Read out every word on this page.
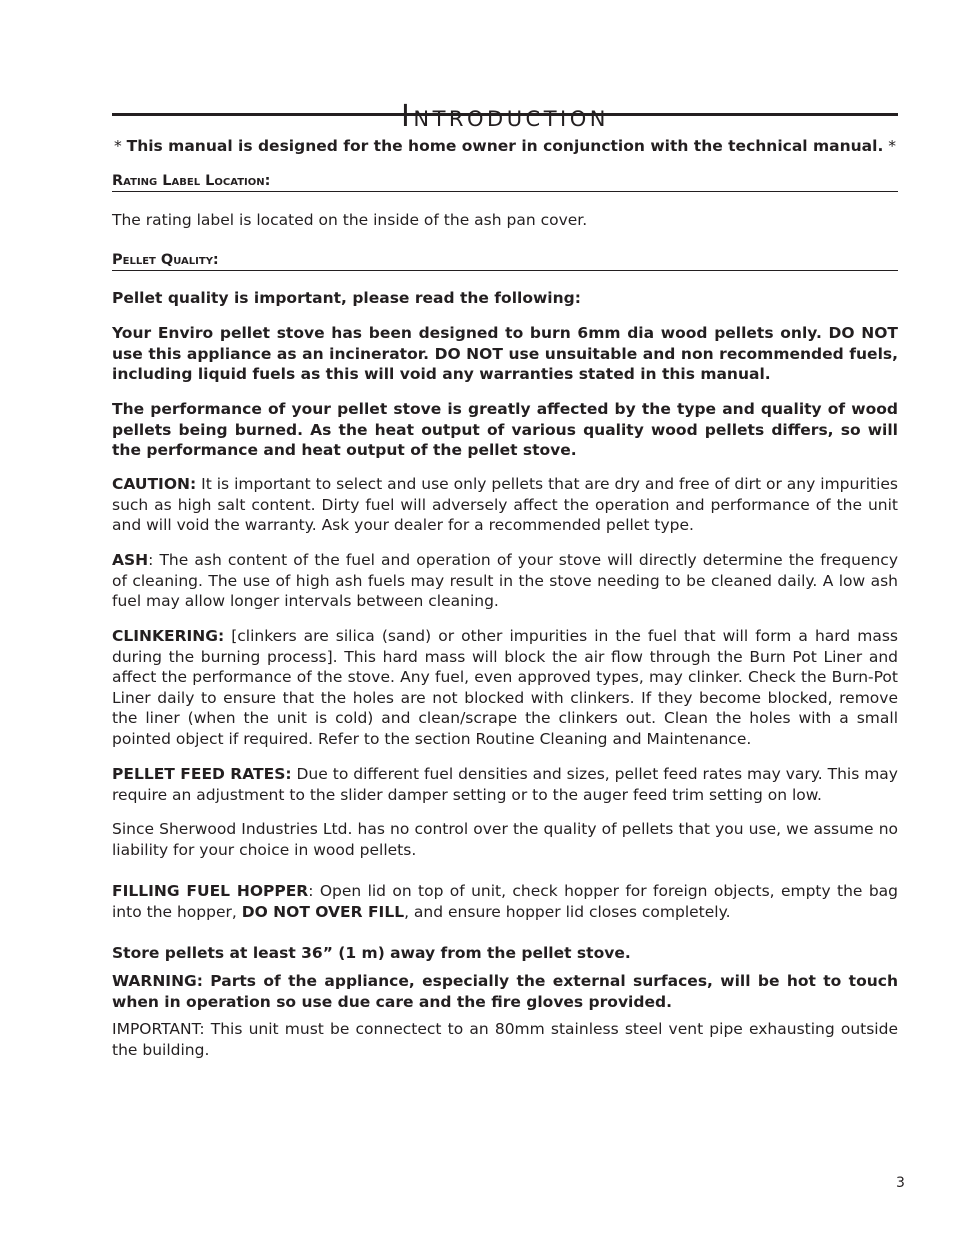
Introduction
* This manual is designed for the home owner in conjunction with the technical manual. *
Rating Label Location:
The rating label is located on the inside of the ash pan cover.
Pellet Quality:
Pellet quality is important, please read the following:
Your Enviro pellet stove has been designed to burn 6mm dia wood pellets only. DO NOT use this appliance as an incinerator. DO NOT use unsuitable and non recommended fuels, including liquid fuels as this will void any warranties stated in this manual.
The performance of your pellet stove is greatly affected by the type and quality of wood pellets being burned. As the heat output of various quality wood pellets differs, so will the performance and heat output of the pellet stove.
CAUTION: It is important to select and use only pellets that are dry and free of dirt or any impurities such as high salt content. Dirty fuel will adversely affect the operation and performance of the unit and will void the warranty. Ask your dealer for a recommended pellet type.
ASH: The ash content of the fuel and operation of your stove will directly determine the frequency of cleaning. The use of high ash fuels may result in the stove needing to be cleaned daily. A low ash fuel may allow longer intervals between cleaning.
CLINKERING: [clinkers are silica (sand) or other impurities in the fuel that will form a hard mass during the burning process]. This hard mass will block the air flow through the Burn Pot Liner and affect the performance of the stove. Any fuel, even approved types, may clinker. Check the Burn-Pot Liner daily to ensure that the holes are not blocked with clinkers. If they become blocked, remove the liner (when the unit is cold) and clean/scrape the clinkers out. Clean the holes with a small pointed object if required. Refer to the section Routine Cleaning and Maintenance.
PELLET FEED RATES: Due to different fuel densities and sizes, pellet feed rates may vary. This may require an adjustment to the slider damper setting or to the auger feed trim setting on low.
Since Sherwood Industries Ltd. has no control over the quality of pellets that you use, we assume no liability for your choice in wood pellets.
FILLING FUEL HOPPER: Open lid on top of unit, check hopper for foreign objects, empty the bag into the hopper, DO NOT OVER FILL, and ensure hopper lid closes completely.
Store pellets at least 36” (1 m) away from the pellet stove.
WARNING: Parts of the appliance, especially the external surfaces, will be hot to touch when in operation so use due care and the fire gloves provided.
IMPORTANT: This unit must be connectect to an 80mm stainless steel vent pipe exhausting outside the building.
3
